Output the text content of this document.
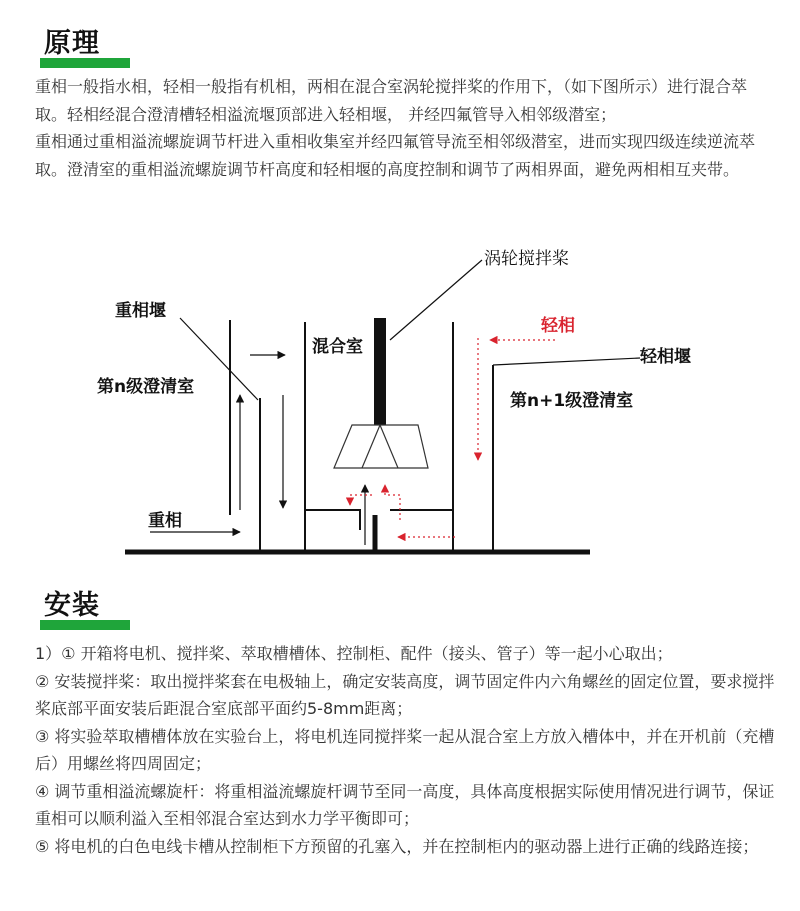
原理

重相一般指水相，轻相一般指有机相，两相在混合室涡轮搅拌桨的作用下，（如下图所示）进行混合萃取。轻相经混合澄清槽轻相溢流堰顶部进入轻相堰， 并经四氟管导入相邻级潜室；

重相通过重相溢流螺旋调节杆进入重相收集室并经四氟管导流至相邻级潜室，进而实现四级连续逆流萃取。澄清室的重相溢流螺旋调节杆高度和轻相堰的高度控制和调节了两相界面，避免两相相互夹带。

涡轮搅拌桨
重相堰
轻相
混合室	轻相堰
第n级澄清室
第n+1级澄清室
重相
安装

1）① 开箱将电机、搅拌桨、萃取槽槽体、控制柜、配件（接头、管子）等一起小心取出；

② 安装搅拌桨：取出搅拌桨套在电极轴上，确定安装高度，调节固定件内六角螺丝的固定位置，要求搅拌桨底部平面安装后距混合室底部平面约5-8mm距离；

③ 将实验萃取槽槽体放在实验台上，将电机连同搅拌桨一起从混合室上方放入槽体中，并在开机前（充槽后）用螺丝将四周固定；

④ 调节重相溢流螺旋杆：将重相溢流螺旋杆调节至同一高度，具体高度根据实际使用情况进行调节，保证重相可以顺利溢入至相邻混合室达到水力学平衡即可；

⑤ 将电机的白色电线卡槽从控制柜下方预留的孔塞入，并在控制柜内的驱动器上进行正确的线路连接；
